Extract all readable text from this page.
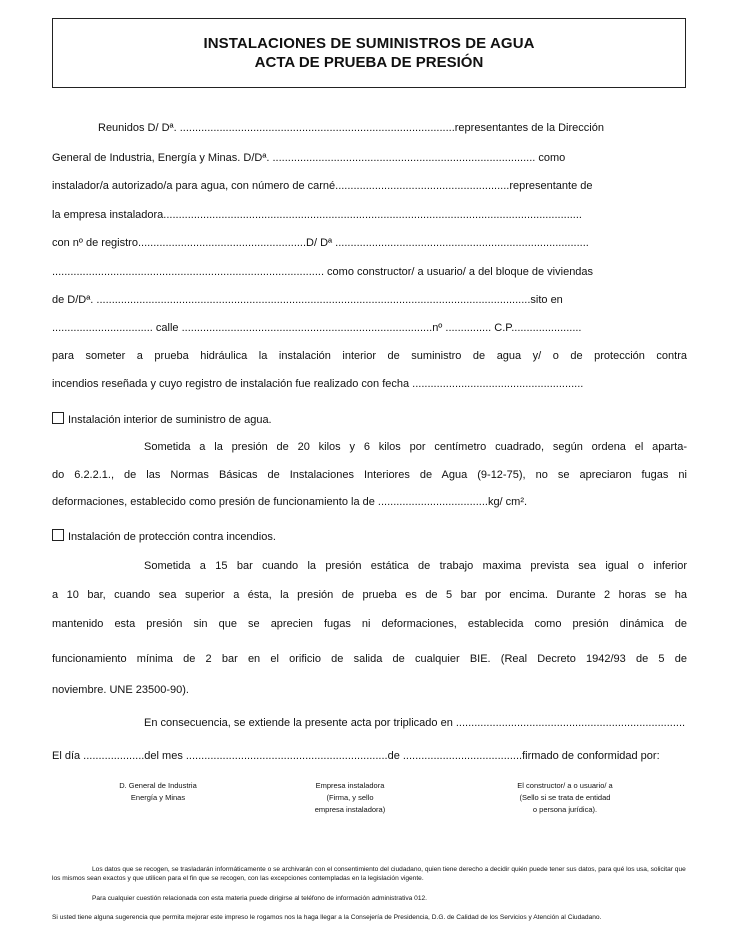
INSTALACIONES DE SUMINISTROS DE AGUA
ACTA DE PRUEBA DE PRESIÓN
Reunidos D/ Dª. ..........................................................................................representantes de la Dirección
General de Industria, Energía y Minas. D/Dª. ...................................................................................... como
instalador/a autorizado/a para agua, con número de carné.........................................................representante de
la empresa instaladora.........................................................................................................................................
con nº de registro.......................................................D/ Dª ...................................................................................
......................................................................................... como constructor/ a usuario/ a del bloque de viviendas
de D/Dª. ..............................................................................................................................................sito en
................................. calle ..................................................................................nº ............... C.P.......................
para someter a prueba hidráulica la instalación interior de suministro de agua y/ o de protección contra
incendios reseñada y cuyo registro de instalación fue realizado con fecha ........................................................
Instalación interior de suministro de agua.
Sometida a la presión de 20 kilos y 6 kilos por centímetro cuadrado, según ordena el aparta-
do 6.2.2.1., de las Normas Básicas de Instalaciones Interiores de Agua (9-12-75), no se apreciaron fugas ni
deformaciones, establecido como presión de funcionamiento la de ....................................kg/ cm².
Instalación de protección contra incendios.
Sometida a 15 bar cuando la presión estática de trabajo maxima prevista sea igual o inferior
a 10 bar, cuando sea superior a ésta, la presión de prueba es de 5 bar por encima. Durante 2 horas se ha
mantenido esta presión sin que se aprecien fugas ni deformaciones, establecida como presión dinámica de
funcionamiento mínima de 2 bar en el orificio de salida de cualquier BIE. (Real Decreto 1942/93 de 5 de
noviembre. UNE 23500-90).
En consecuencia, se extiende la presente acta por triplicado en ...........................................................................
El día ....................del mes ..................................................................de .......................................firmado de conformidad por:
D. General de Industria
Energía y Minas
Empresa instaladora
(Firma, y sello
empresa instaladora)
El constructor/ a o usuario/ a
(Sello si se trata de entidad
o persona jurídica).
Los datos que se recogen, se trasladarán informáticamente o se archivarán con el consentimiento del ciudadano, quien tiene derecho a decidir quién puede tener sus datos, para qué los usa, solicitar que los mismos sean exactos y que utilicen para el fin que se recogen, con las excepciones contempladas en la legislación vigente.
Para cualquier cuestión relacionada con esta materia puede dirigirse al teléfono de información administrativa 012.
Si usted tiene alguna sugerencia que permita mejorar este impreso le rogamos nos la haga llegar a la Consejería de Presidencia, D.G. de Calidad de los Servicios y Atención al Ciudadano.
